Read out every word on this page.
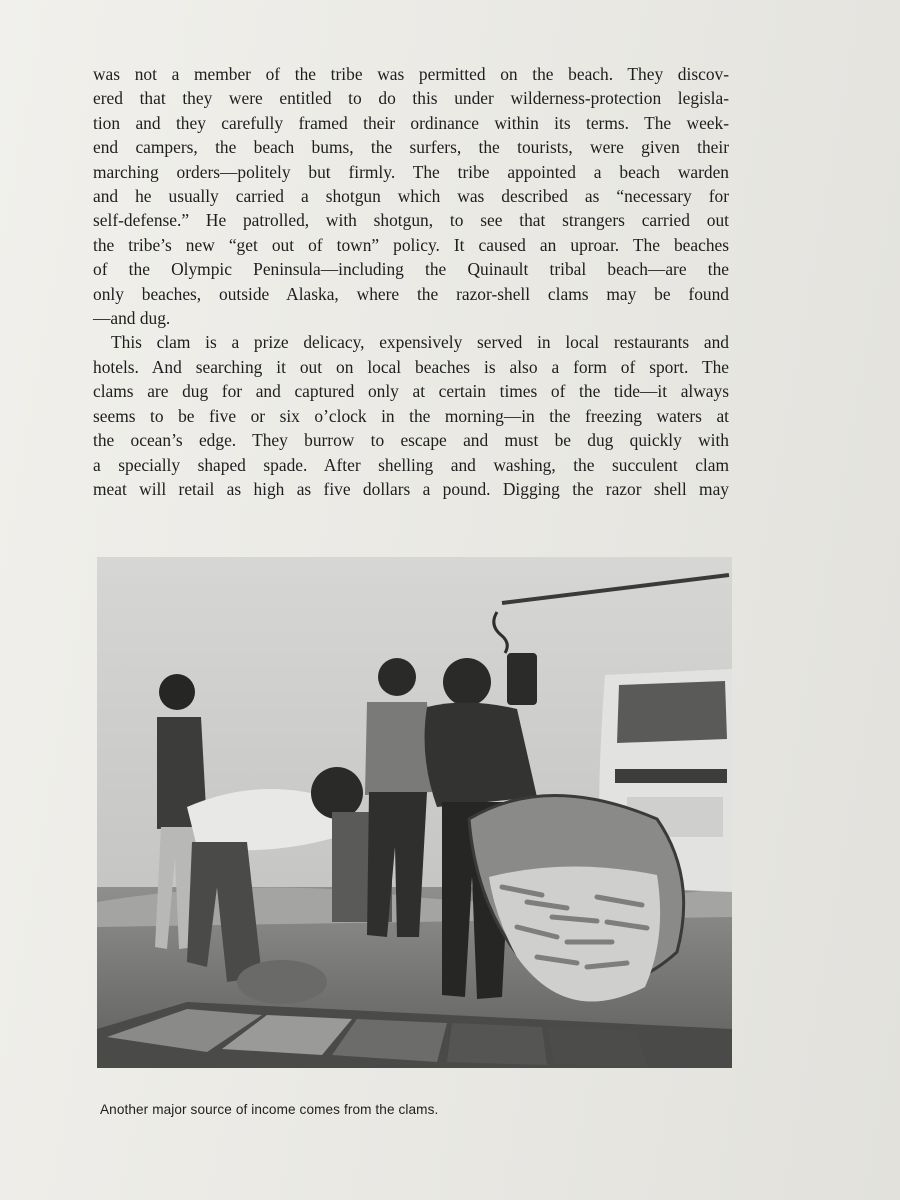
was not a member of the tribe was permitted on the beach. They discov-
ered that they were entitled to do this under wilderness-protection legisla-
tion and they carefully framed their ordinance within its terms. The week-
end campers, the beach bums, the surfers, the tourists, were given their
marching orders—politely but firmly. The tribe appointed a beach warden
and he usually carried a shotgun which was described as “necessary for
self-defense.” He patrolled, with shotgun, to see that strangers carried out
the tribe’s new “get out of town” policy. It caused an uproar. The beaches
of the Olympic Peninsula—including the Quinault tribal beach—are the
only beaches, outside Alaska, where the razor-shell clams may be found
—and dug.
This clam is a prize delicacy, expensively served in local restaurants and
hotels. And searching it out on local beaches is also a form of sport. The
clams are dug for and captured only at certain times of the tide—it always
seems to be five or six o’clock in the morning—in the freezing waters at
the ocean’s edge. They burrow to escape and must be dug quickly with
a specially shaped spade. After shelling and washing, the succulent clam
meat will retail as high as five dollars a pound. Digging the razor shell may
Another major source of income comes from the clams.
